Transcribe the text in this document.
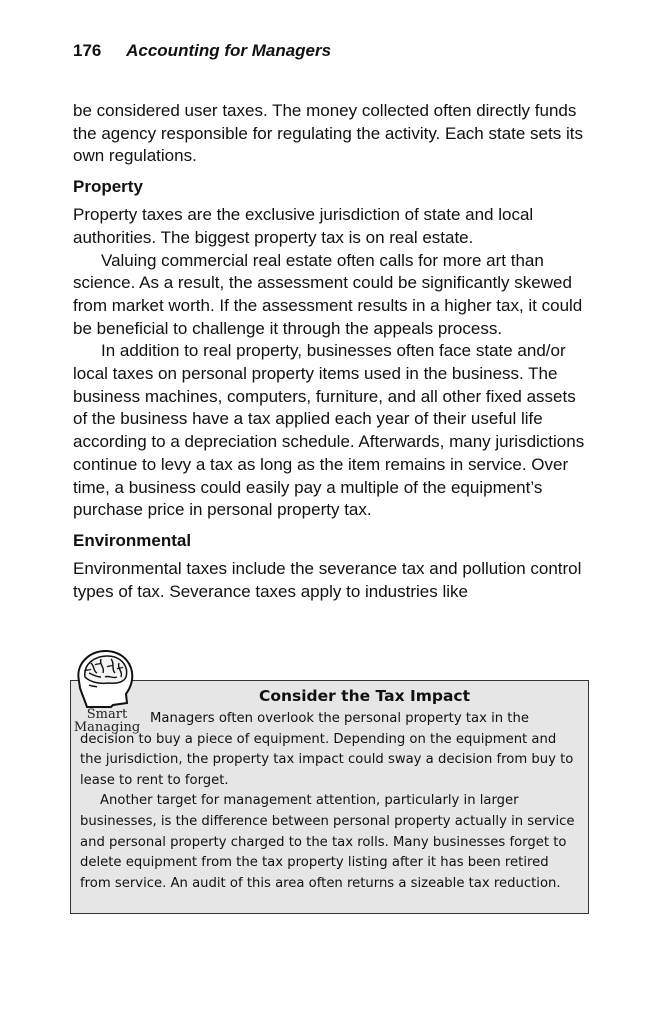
176 Accounting for Managers

be considered user taxes. The money collected often directly funds the agency responsible for regulating the activity. Each state sets its own regulations.

Property

Property taxes are the exclusive jurisdiction of state and local authorities. The biggest property tax is on real estate.

Valuing commercial real estate often calls for more art than science. As a result, the assessment could be significantly skewed from market worth. If the assessment results in a higher tax, it could be beneficial to challenge it through the appeals process.

In addition to real property, businesses often face state and/or local taxes on personal property items used in the business. The business machines, computers, furniture, and all other fixed assets of the business have a tax applied each year of their useful life according to a depreciation schedule. Afterwards, many jurisdictions continue to levy a tax as long as the item remains in service. Over time, a business could easily pay a multiple of the equipment’s purchase price in personal property tax.

Environmental

Environmental taxes include the severance tax and pollution control types of tax. Severance taxes apply to industries like

Smart
Managing
Consider the Tax Impact

Managers often overlook the personal property tax in the decision to buy a piece of equipment. Depending on the equipment and the jurisdiction, the property tax impact could sway a decision from buy to lease to rent to forget.

Another target for management attention, particularly in larger businesses, is the difference between personal property actually in service and personal property charged to the tax rolls. Many businesses forget to delete equipment from the tax property listing after it has been retired from service. An audit of this area often returns a sizeable tax reduction.
